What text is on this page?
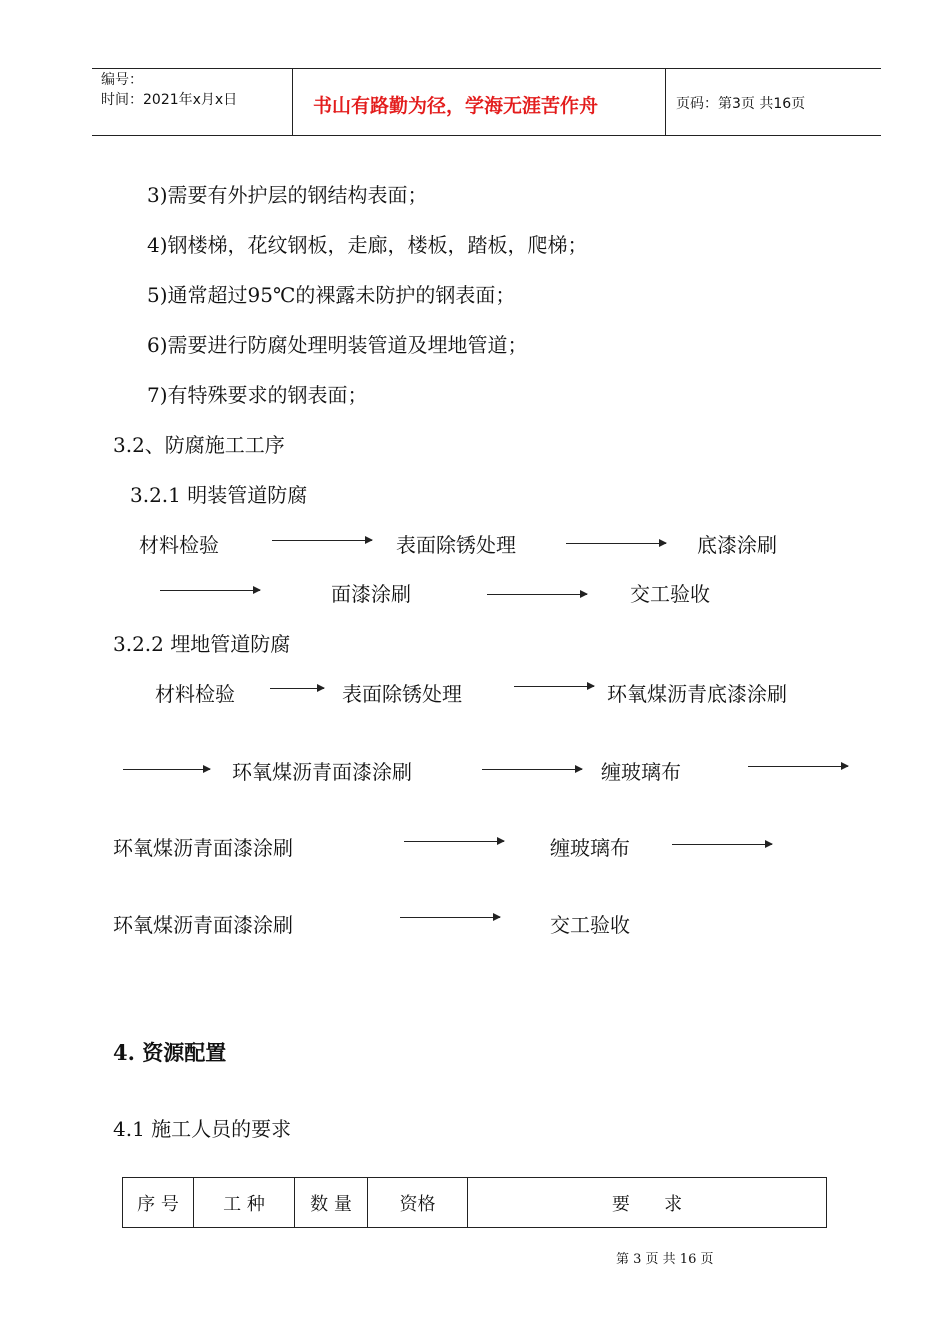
编号：
时间：2021年x月x日	书山有路勤为径，学海无涯苦作舟	页码：第3页 共16页
3)需要有外护层的钢结构表面；
4)钢楼梯，花纹钢板，走廊，楼板，踏板，爬梯；
5)通常超过95℃的裸露未防护的钢表面；
6)需要进行防腐处理明装管道及埋地管道；
7)有特殊要求的钢表面；
3.2、防腐施工工序
3.2.1 明装管道防腐
材料检验	表面除锈处理	底漆涂刷
面漆涂刷	交工验收
3.2.2 埋地管道防腐
材料检验	表面除锈处理	环氧煤沥青底漆涂刷
环氧煤沥青面漆涂刷	缠玻璃布
环氧煤沥青面漆涂刷	缠玻璃布
环氧煤沥青面漆涂刷	交工验收
4. 资源配置
4.1 施工人员的要求
序 号	工 种	数 量	资格	要      求
第 3 页 共 16 页
